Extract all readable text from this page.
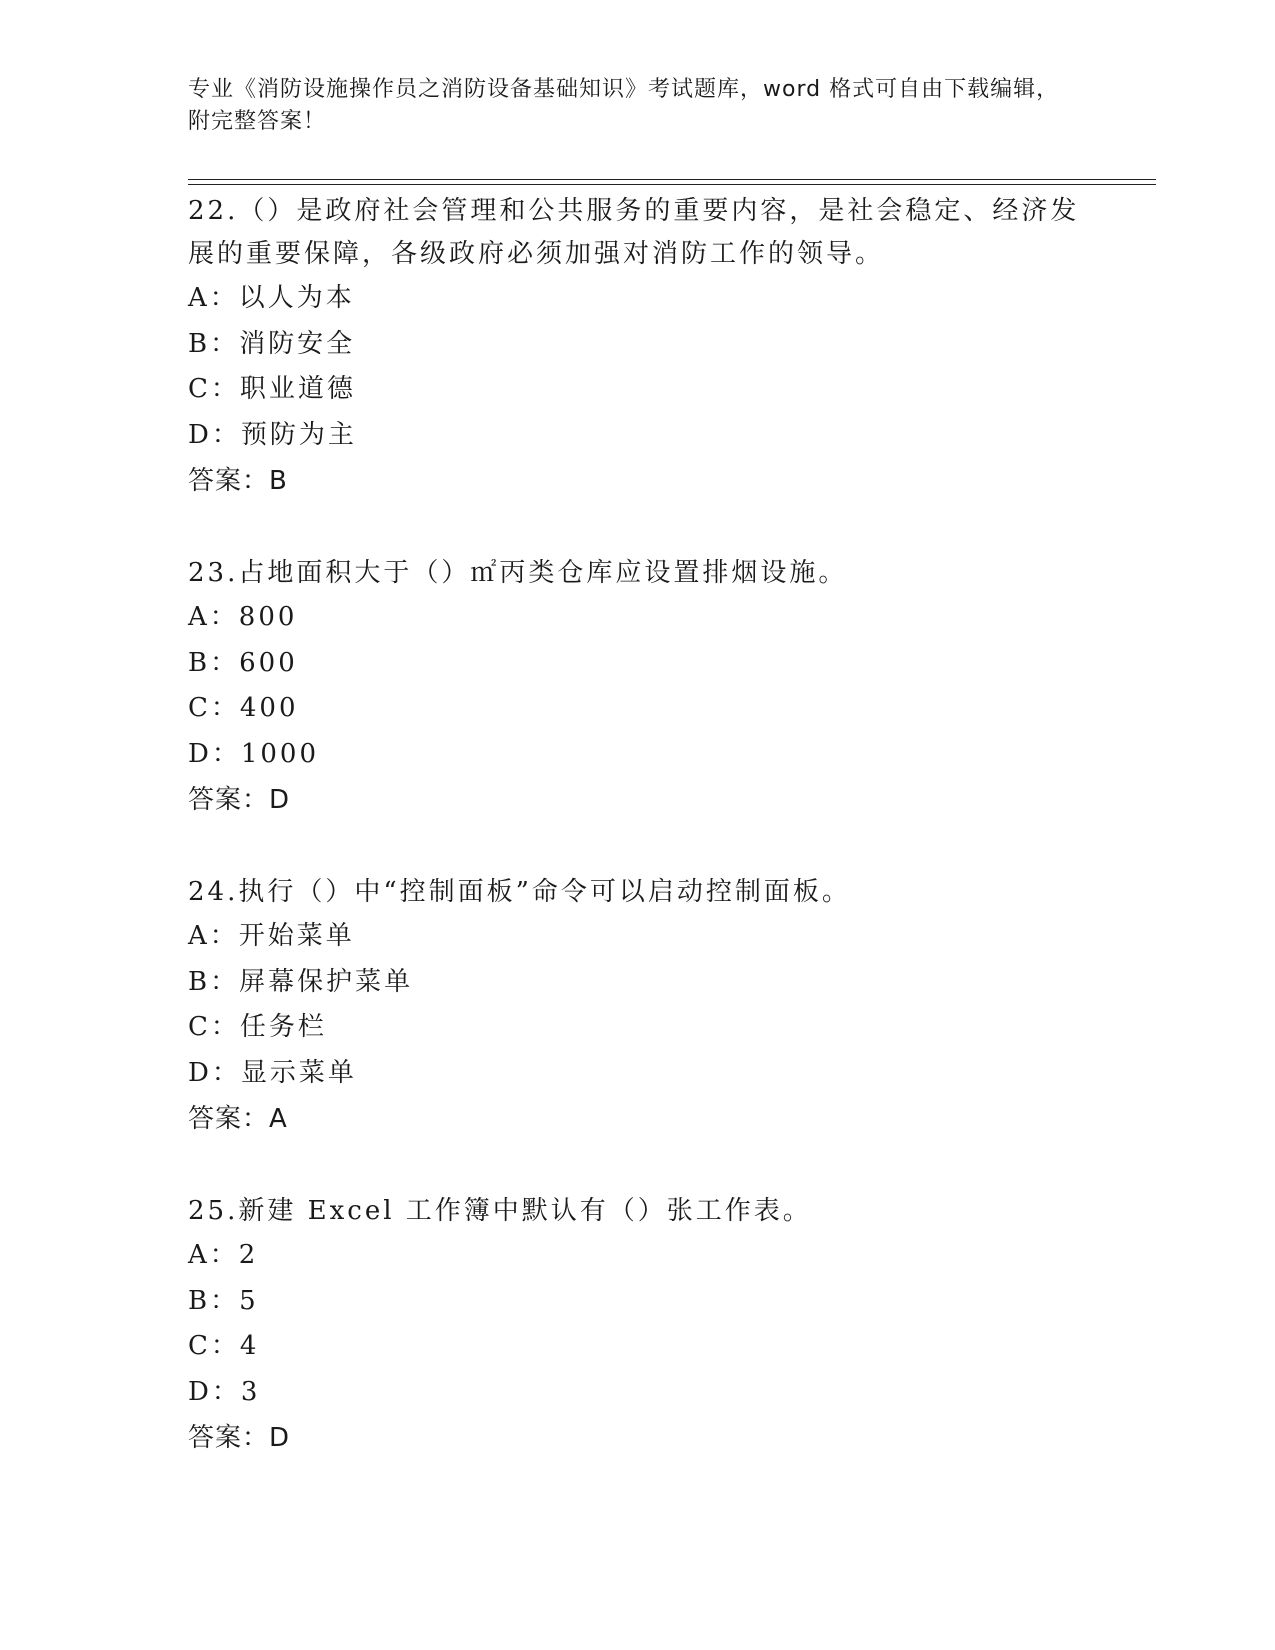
专业《消防设施操作员之消防设备基础知识》考试题库，word 格式可自由下载编辑，附完整答案！

22.（）是政府社会管理和公共服务的重要内容，是社会稳定、经济发展的重要保障，各级政府必须加强对消防工作的领导。

A：以人为本
B：消防安全
C：职业道德
D：预防为主
答案：B

23.占地面积大于（）㎡丙类仓库应设置排烟设施。

A：800
B：600
C：400
D：1000
答案：D

24.执行（）中“控制面板”命令可以启动控制面板。

A：开始菜单
B：屏幕保护菜单
C：任务栏
D：显示菜单
答案：A

25.新建 Excel 工作簿中默认有（）张工作表。

A：2
B：5
C：4
D：3
答案：D
